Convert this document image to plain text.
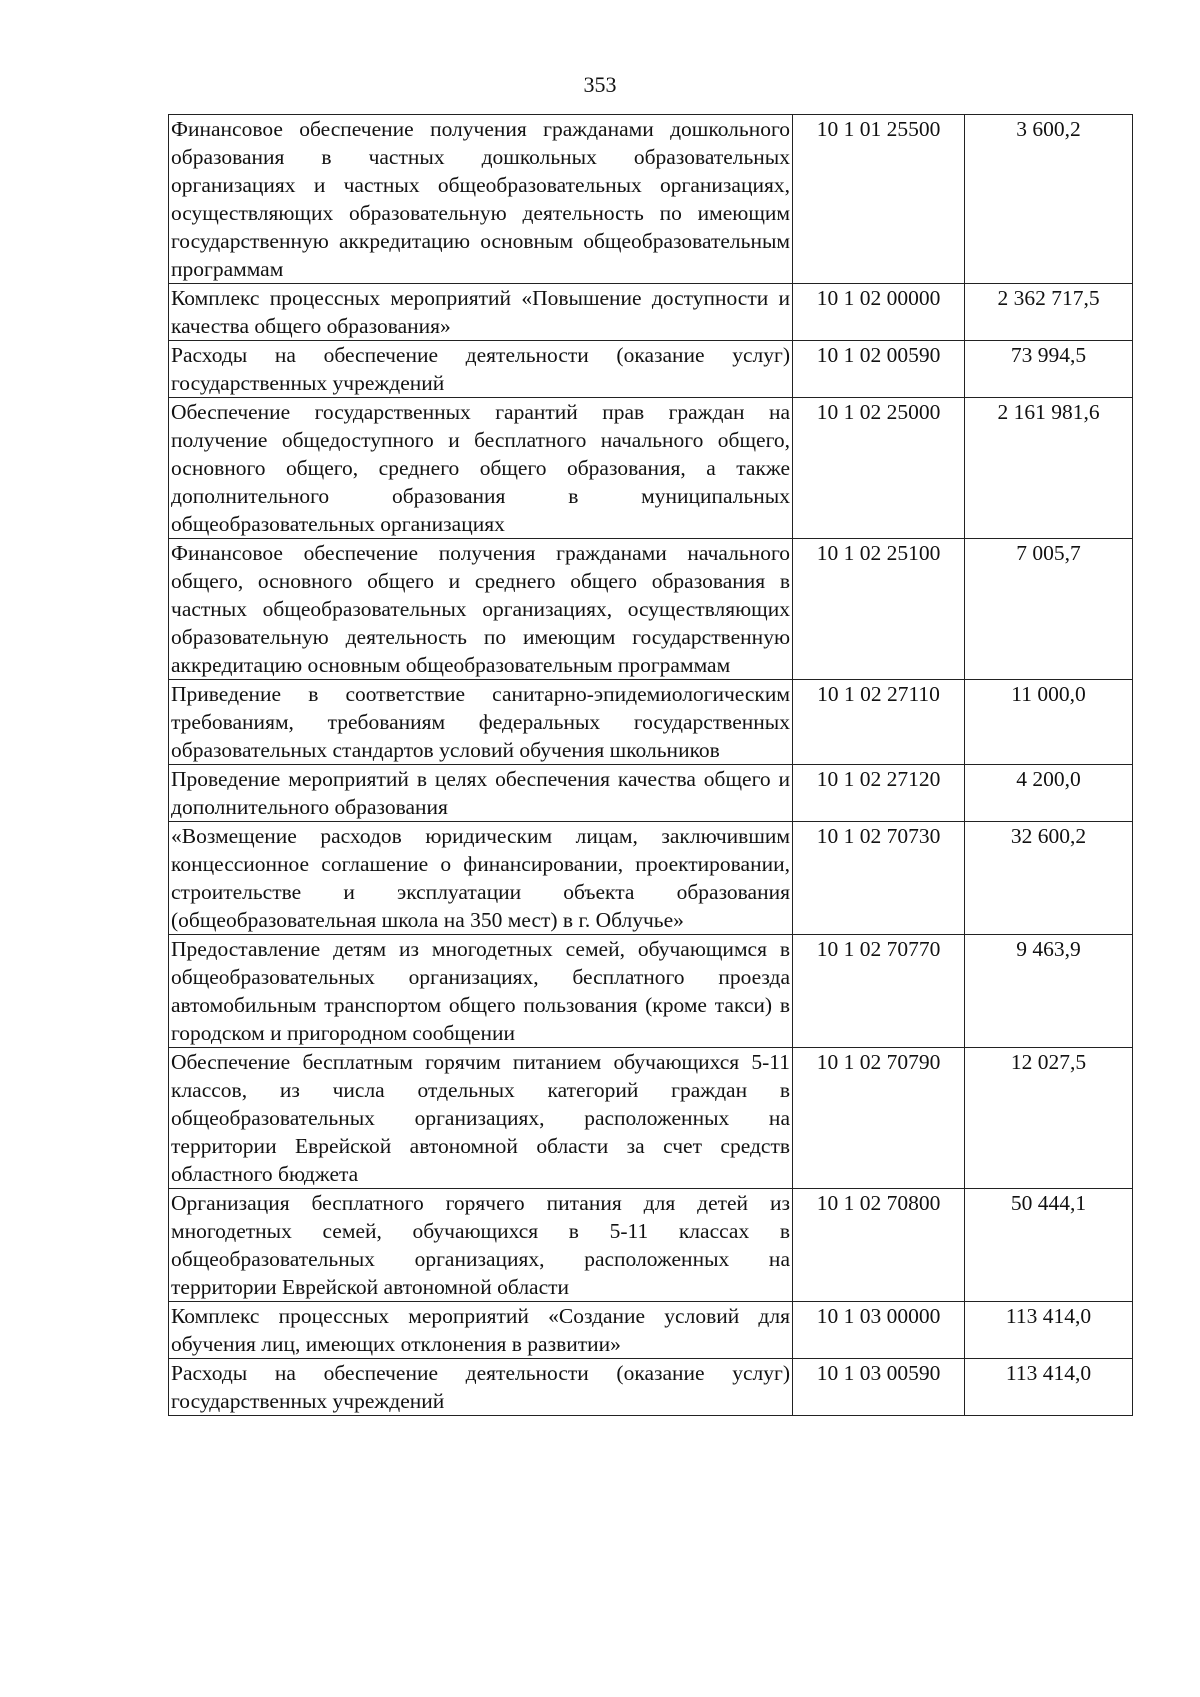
353
Финансовое обеспечение получения гражданами дошкольного образования в частных дошкольных образовательных организациях и частных общеобразовательных организациях, осуществляющих образовательную деятельность по имеющим государственную аккредитацию основным общеобразовательным программам	10 1 01 25500	3 600,2
Комплекс процессных мероприятий «Повышение доступности и качества общего образования»	10 1 02 00000	2 362 717,5
Расходы на обеспечение деятельности (оказание услуг) государственных учреждений	10 1 02 00590	73 994,5
Обеспечение государственных гарантий прав граждан на получение общедоступного и бесплатного начального общего, основного общего, среднего общего образования, а также дополнительного образования в муниципальных общеобразовательных организациях	10 1 02 25000	2 161 981,6
Финансовое обеспечение получения гражданами начального общего, основного общего и среднего общего образования в частных общеобразовательных организациях, осуществляющих образовательную деятельность по имеющим государственную аккредитацию основным общеобразовательным программам	10 1 02 25100	7 005,7
Приведение в соответствие санитарно-эпидемиологическим требованиям, требованиям федеральных государственных образовательных стандартов условий обучения школьников	10 1 02 27110	11 000,0
Проведение мероприятий в целях обеспечения качества общего и дополнительного образования	10 1 02 27120	4 200,0
«Возмещение расходов юридическим лицам, заключившим концессионное соглашение о финансировании, проектировании, строительстве и эксплуатации объекта образования (общеобразовательная школа на 350 мест) в г. Облучье»	10 1 02 70730	32 600,2
Предоставление детям из многодетных семей, обучающимся в общеобразовательных организациях, бесплатного проезда автомобильным транспортом общего пользования (кроме такси) в городском и пригородном сообщении	10 1 02 70770	9 463,9
Обеспечение бесплатным горячим питанием обучающихся 5-11 классов, из числа отдельных категорий граждан в общеобразовательных организациях, расположенных на территории Еврейской автономной области за счет средств областного бюджета	10 1 02 70790	12 027,5
Организация бесплатного горячего питания для детей из многодетных семей, обучающихся в 5-11 классах в общеобразовательных организациях, расположенных на территории Еврейской автономной области	10 1 02 70800	50 444,1
Комплекс процессных мероприятий «Создание условий для обучения лиц, имеющих отклонения в развитии»	10 1 03 00000	113 414,0
Расходы на обеспечение деятельности (оказание услуг) государственных учреждений	10 1 03 00590	113 414,0
